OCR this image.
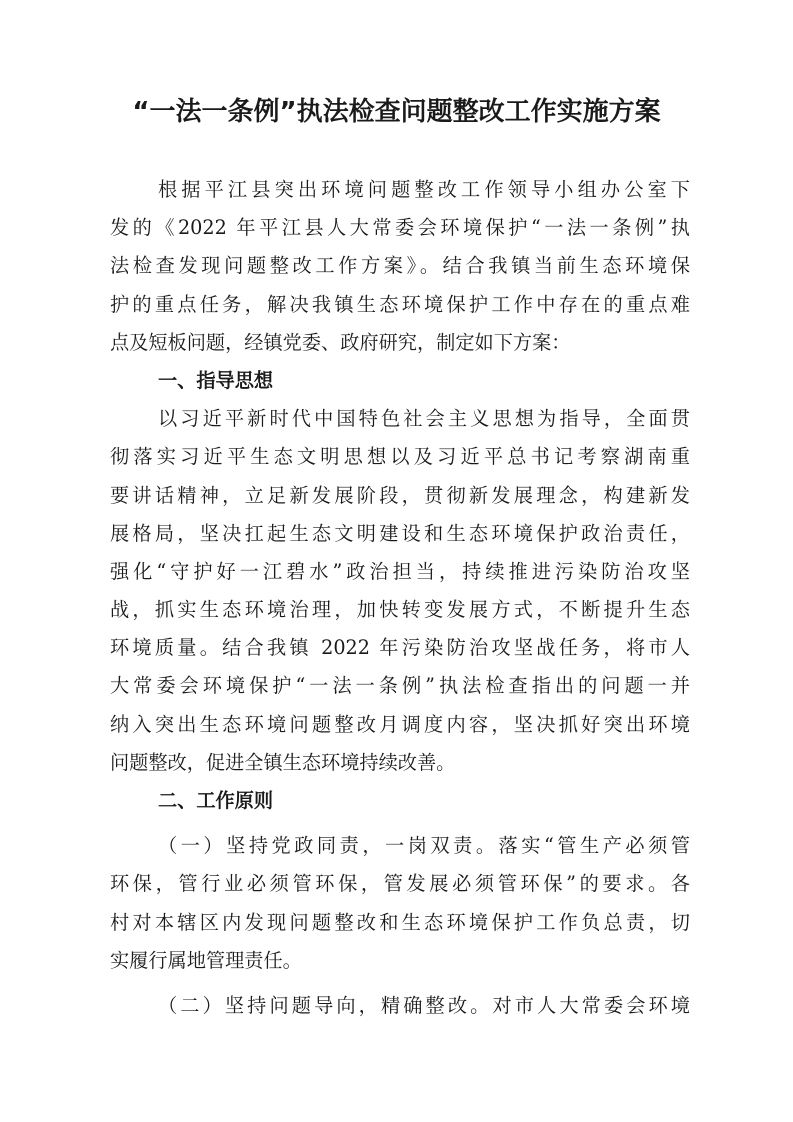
“一法一条例”执法检查问题整改工作实施方案
根据平江县突出环境问题整改工作领导小组办公室下
发的《2022 年平江县人大常委会环境保护“一法一条例”执
法检查发现问题整改工作方案》。结合我镇当前生态环境保
护的重点任务，解决我镇生态环境保护工作中存在的重点难
点及短板问题，经镇党委、政府研究，制定如下方案：
一、指导思想
以习近平新时代中国特色社会主义思想为指导，全面贯
彻落实习近平生态文明思想以及习近平总书记考察湖南重
要讲话精神，立足新发展阶段，贯彻新发展理念，构建新发
展格局，坚决扛起生态文明建设和生态环境保护政治责任，
强化“守护好一江碧水”政治担当，持续推进污染防治攻坚
战，抓实生态环境治理，加快转变发展方式，不断提升生态
环境质量。结合我镇 2022 年污染防治攻坚战任务，将市人
大常委会环境保护“一法一条例”执法检查指出的问题一并
纳入突出生态环境问题整改月调度内容，坚决抓好突出环境
问题整改，促进全镇生态环境持续改善。
二、工作原则
（一）坚持党政同责，一岗双责。落实“管生产必须管
环保，管行业必须管环保，管发展必须管环保”的要求。各
村对本辖区内发现问题整改和生态环境保护工作负总责，切
实履行属地管理责任。
（二）坚持问题导向，精确整改。对市人大常委会环境
